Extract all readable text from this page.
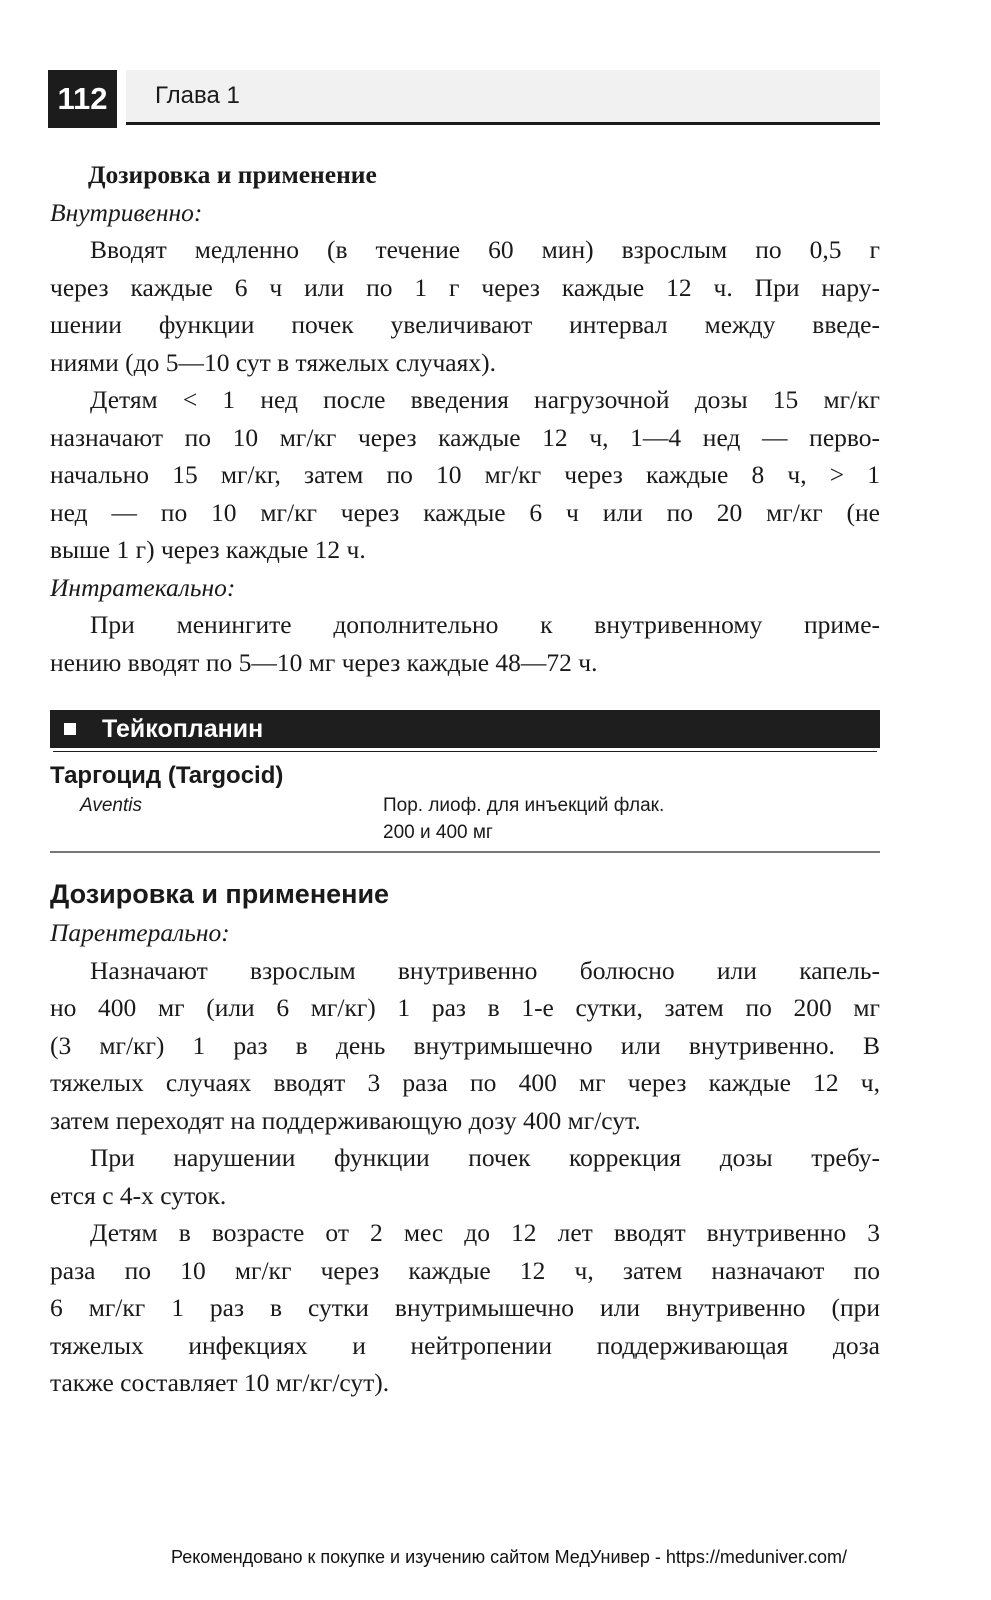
112	Глава 1

Дозировка и применение

Внутривенно:

Вводят медленно (в течение 60 мин) взрослым по 0,5 г
через каждые 6 ч или по 1 г через каждые 12 ч. При нару-
шении функции почек увеличивают интервал между введе-
ниями (до 5—10 сут в тяжелых случаях).
Детям < 1 нед после введения нагрузочной дозы 15 мг/кг
назначают по 10 мг/кг через каждые 12 ч, 1—4 нед — перво-
начально 15 мг/кг, затем по 10 мг/кг через каждые 8 ч, > 1
нед — по 10 мг/кг через каждые 6 ч или по 20 мг/кг (не
выше 1 г) через каждые 12 ч.

Интратекально:

При менингите дополнительно к внутривенному приме-
нению вводят по 5—10 мг через каждые 48—72 ч.
Тейкопланин
Таргоцид (Targocid)
Aventis	Пор. лиоф. для инъекций флак.
200 и 400 мг
Дозировка и применение

Парентерально:

Назначают взрослым внутривенно болюсно или капель-
но 400 мг (или 6 мг/кг) 1 раз в 1-е сутки, затем по 200 мг
(3 мг/кг) 1 раз в день внутримышечно или внутривенно. В
тяжелых случаях вводят 3 раза по 400 мг через каждые 12 ч,
затем переходят на поддерживающую дозу 400 мг/сут.
При нарушении функции почек коррекция дозы требу-
ется с 4-х суток.
Детям в возрасте от 2 мес до 12 лет вводят внутривенно 3
раза по 10 мг/кг через каждые 12 ч, затем назначают по
6 мг/кг 1 раз в сутки внутримышечно или внутривенно (при
тяжелых инфекциях и нейтропении поддерживающая доза
также составляет 10 мг/кг/сут).
Рекомендовано к покупке и изучению сайтом МедУнивер - https://meduniver.com/
